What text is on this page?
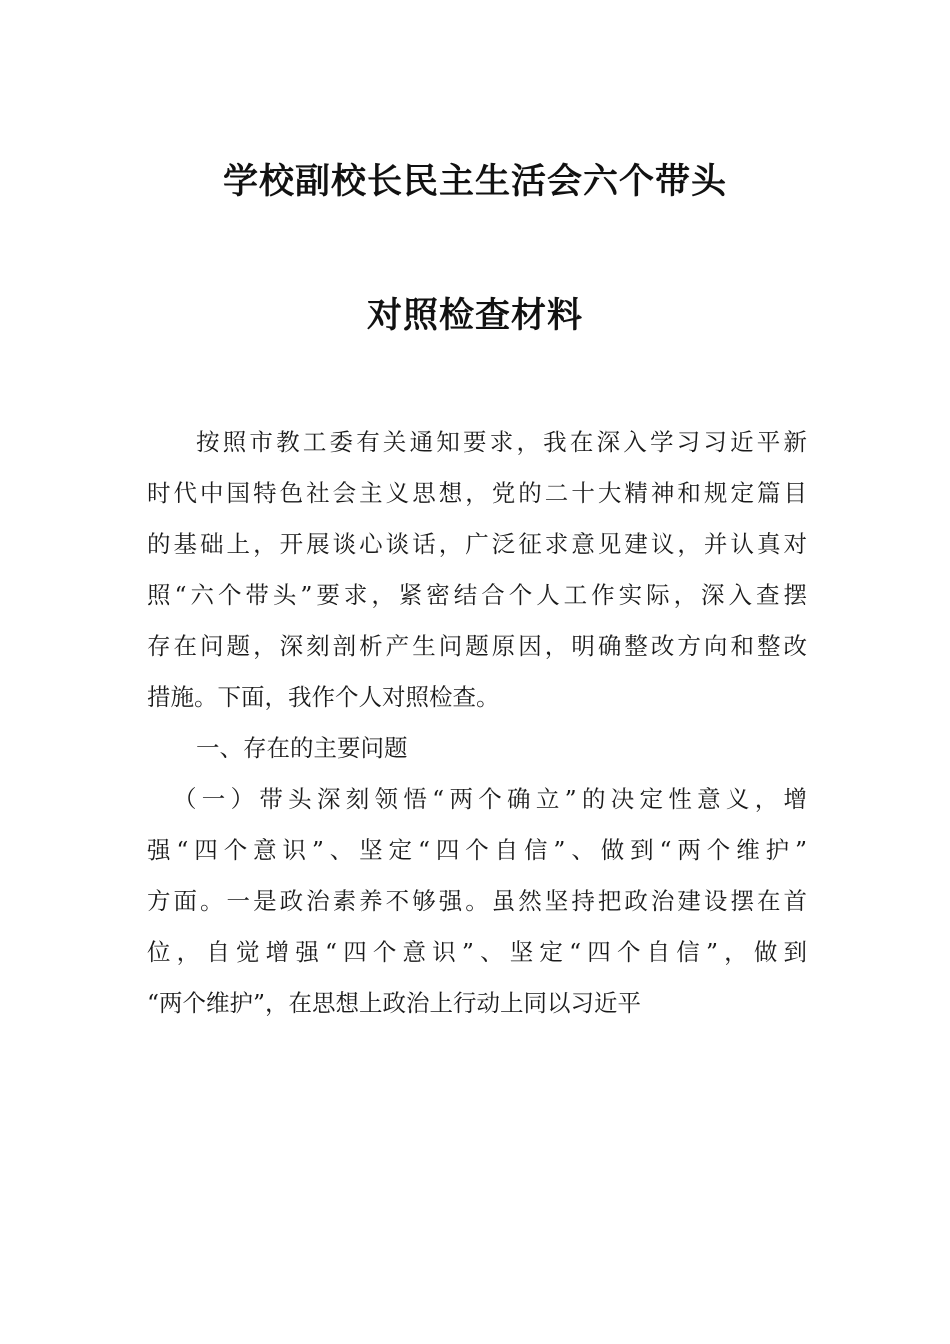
学校副校长民主生活会六个带头
对照检查材料
按照市教工委有关通知要求，我在深入学习习近平新
时代中国特色社会主义思想，党的二十大精神和规定篇目
的基础上，开展谈心谈话，广泛征求意见建议，并认真对
照“六个带头”要求，紧密结合个人工作实际，深入查摆
存在问题，深刻剖析产生问题原因，明确整改方向和整改
措施。下面，我作个人对照检查。
一、存在的主要问题
（一）带头深刻领悟“两个确立”的决定性意义，增
强“四个意识”、坚定“四个自信”、做到“两个维护”
方面。一是政治素养不够强。虽然坚持把政治建设摆在首
位，自觉增强“四个意识”、坚定“四个自信”，做到
“两个维护”，在思想上政治上行动上同以习近平
